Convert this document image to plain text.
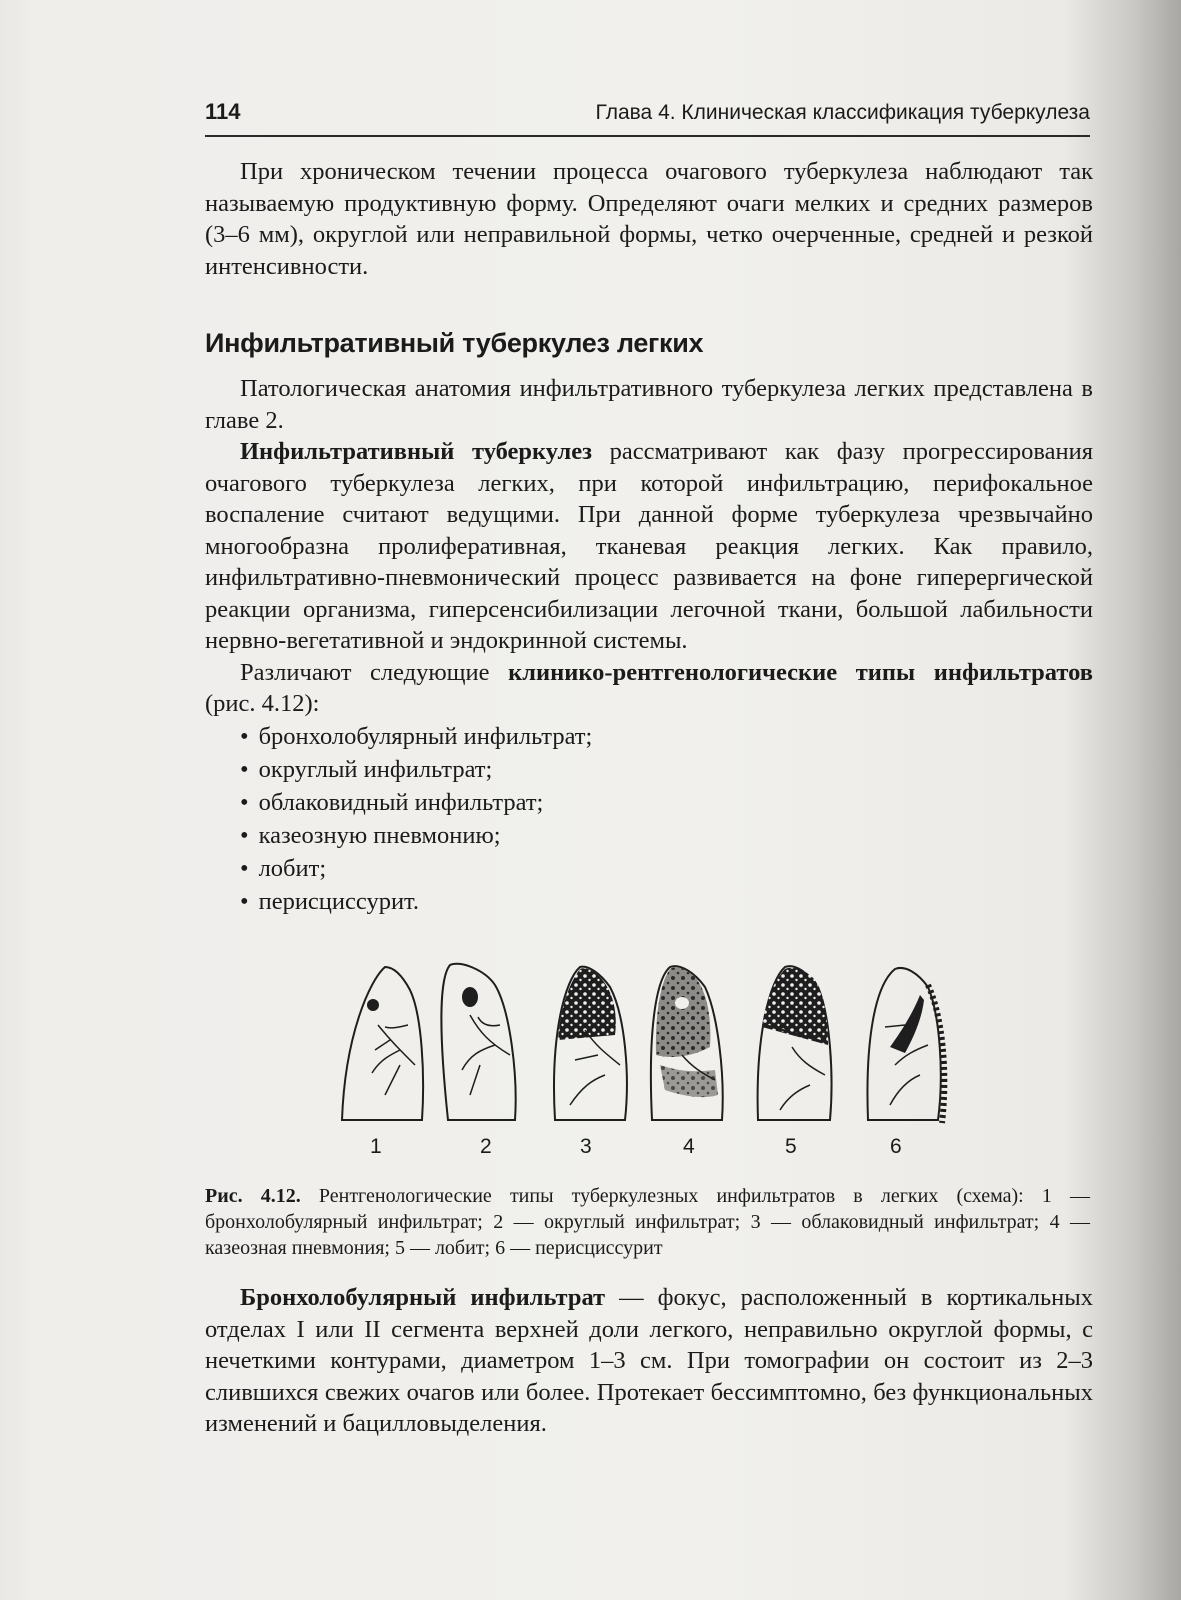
114	Глава 4. Клиническая классификация туберкулеза

При хроническом течении процесса очагового туберкулеза наблюдают так называемую продуктивную форму. Определяют очаги мелких и средних размеров (3–6 мм), округлой или неправильной формы, четко очерченные, средней и резкой интенсивности.

Инфильтративный туберкулез легких

Патологическая анатомия инфильтративного туберкулеза легких представлена в главе 2.

Инфильтративный туберкулез рассматривают как фазу прогрессирования очагового туберкулеза легких, при которой инфильтрацию, перифокальное воспаление считают ведущими. При данной форме туберкулеза чрезвычайно многообразна пролиферативная, тканевая реакция легких. Как правило, инфильтративно-пневмонический процесс развивается на фоне гиперергической реакции организма, гиперсенсибилизации легочной ткани, большой лабильности нервно-вегетативной и эндокринной системы.

Различают следующие клинико-рентгенологические типы инфильтратов (рис. 4.12):

• бронхолобулярный инфильтрат;
• округлый инфильтрат;
• облаковидный инфильтрат;
• казеозную пневмонию;
• лобит;
• перисциссурит.
1	2	3	4	5	6
Рис. 4.12. Рентгенологические типы туберкулезных инфильтратов в легких (схема): 1 — бронхолобулярный инфильтрат; 2 — округлый инфильтрат; 3 — облаковидный инфильтрат; 4 — казеозная пневмония; 5 — лобит; 6 — перисциссурит

Бронхолобулярный инфильтрат — фокус, расположенный в кортикальных отделах I или II сегмента верхней доли легкого, неправильно округлой формы, с нечеткими контурами, диаметром 1–3 см. При томографии он состоит из 2–3 слившихся свежих очагов или более. Протекает бессимптомно, без функциональных изменений и бацилловыделения.
